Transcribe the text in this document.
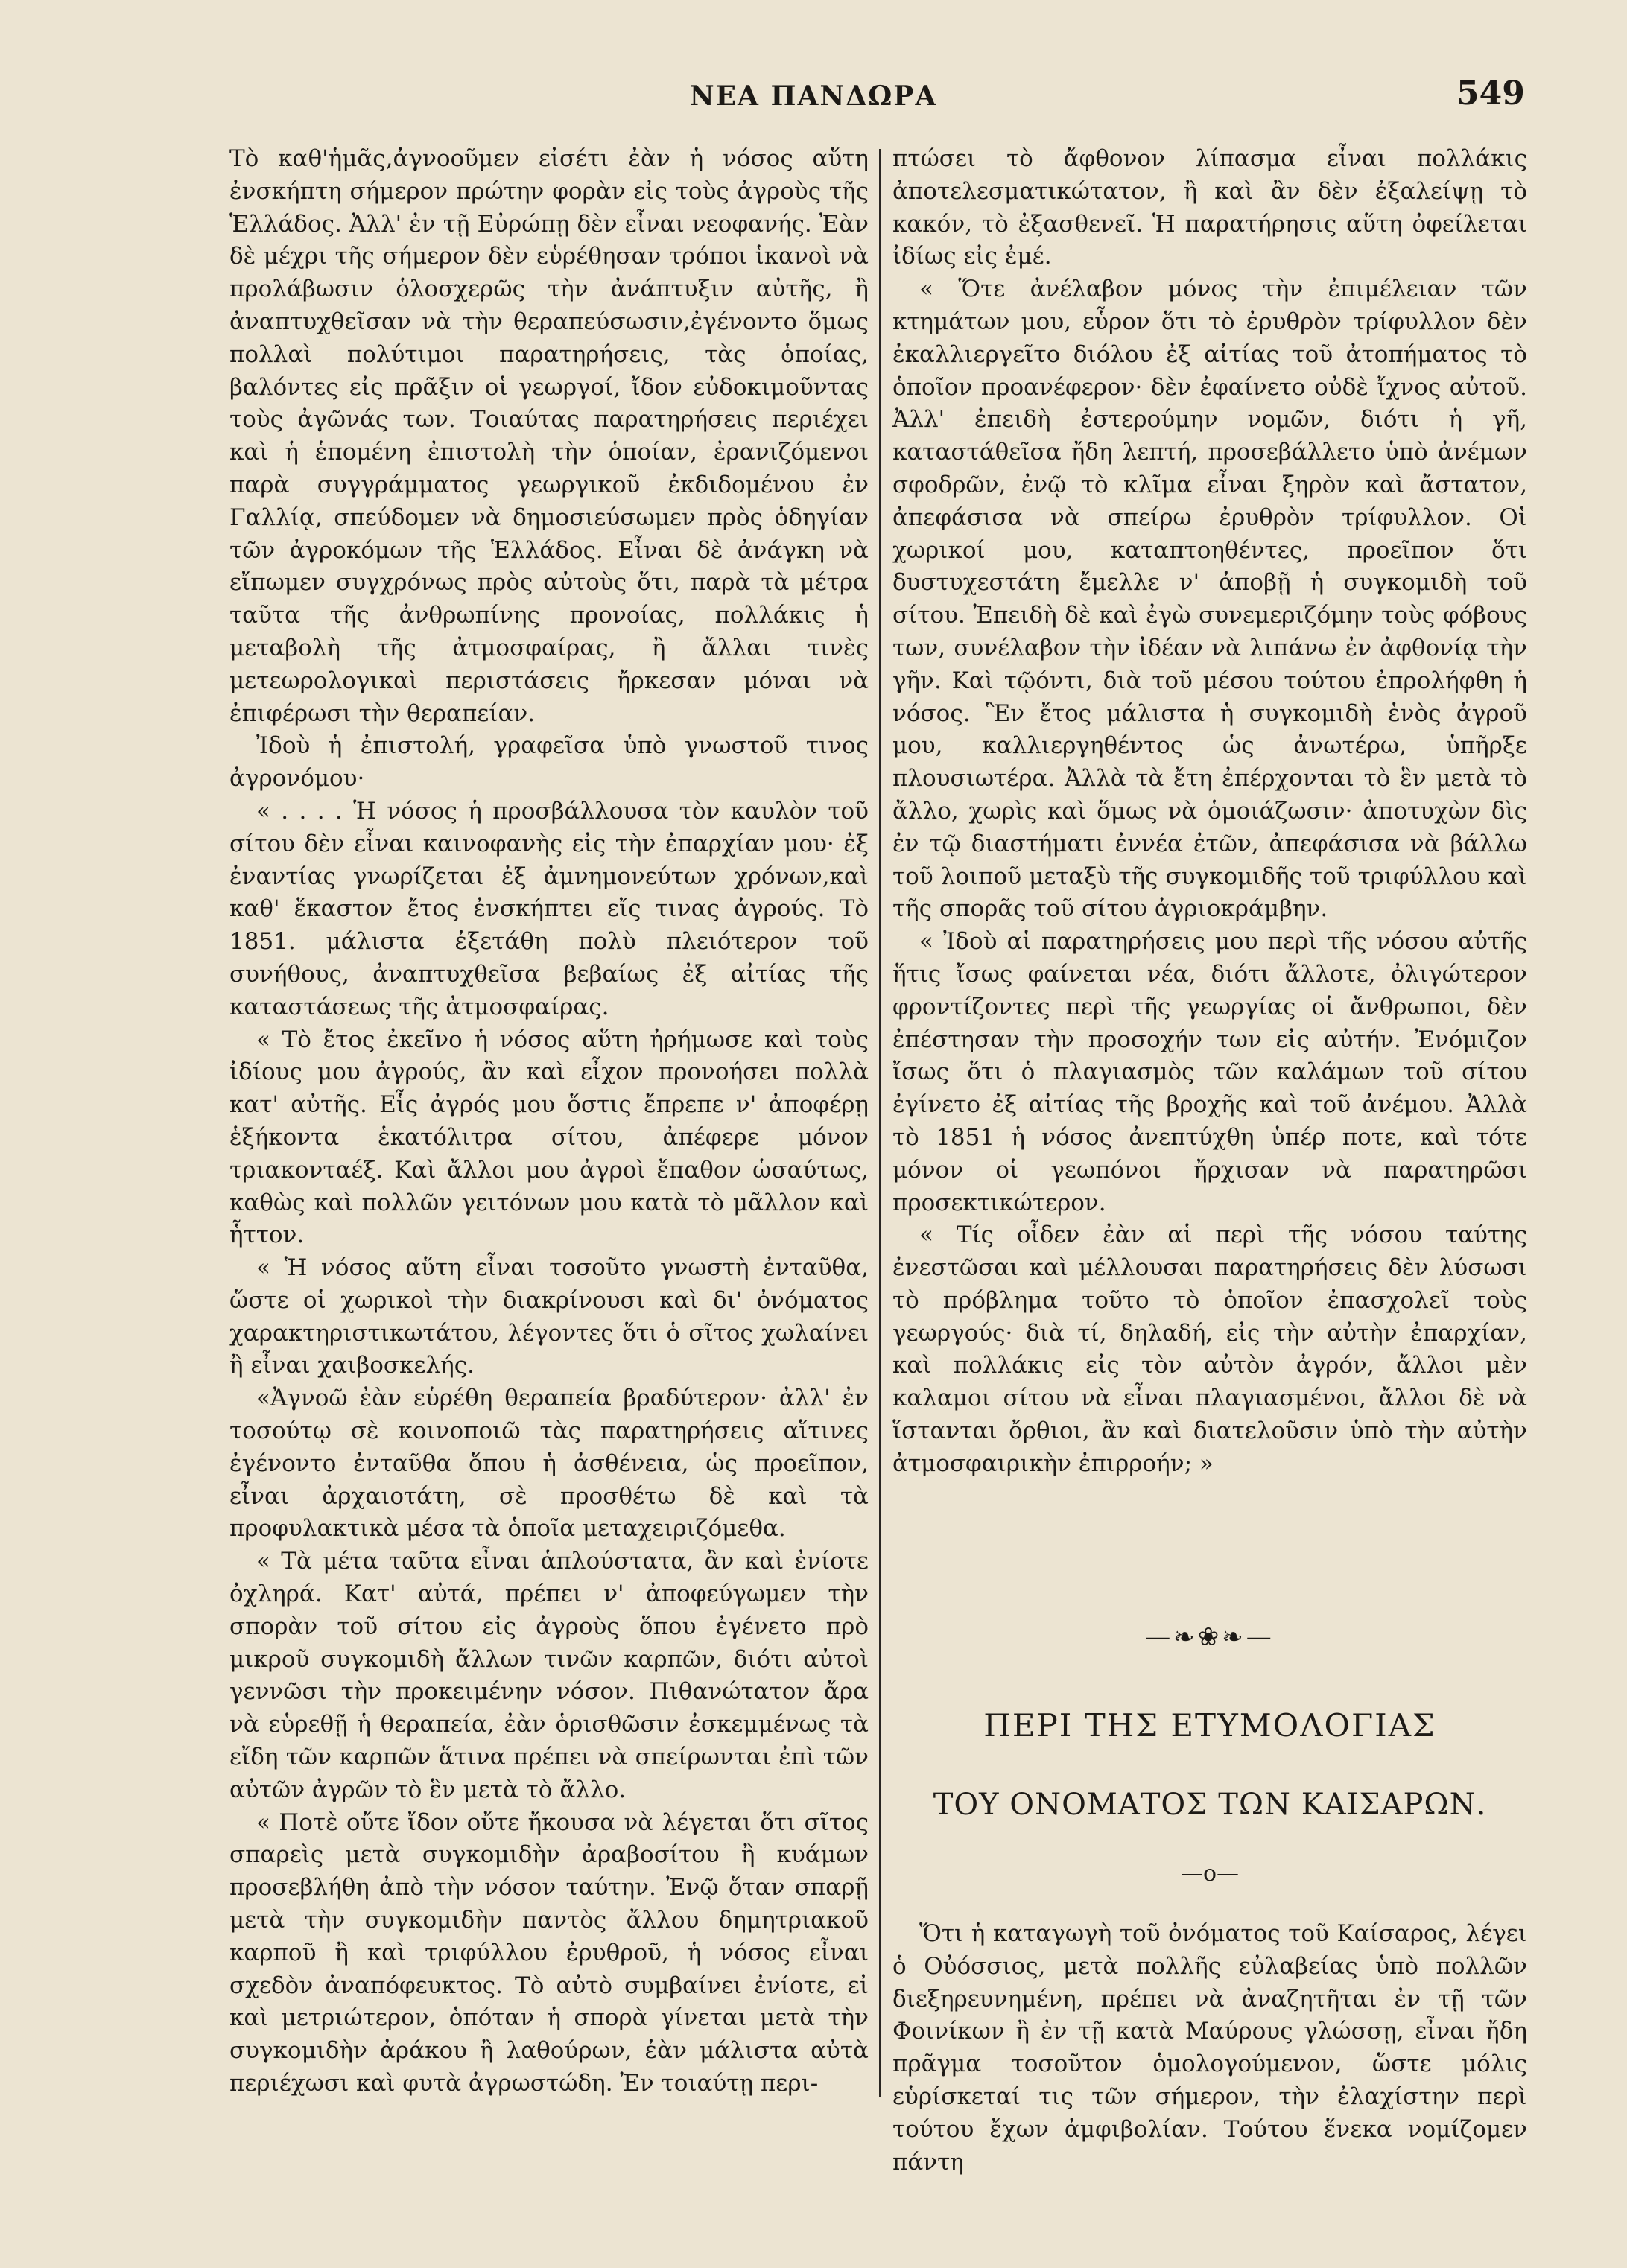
ΝΕΑ ΠΑΝΔΩΡΑ	549

Τὸ καθ'ἡμᾶς,ἀγνοοῦμεν εἰσέτι ἐὰν ἡ νόσος αὕτη ἐνσκήπτη σήμερον πρώτην φορὰν εἰς τοὺς ἀγροὺς τῆς Ἑλλάδος. Ἀλλ' ἐν τῇ Εὐρώπῃ δὲν εἶναι νεοφανής. Ἐὰν δὲ μέχρι τῆς σήμερον δὲν εὑρέθησαν τρόποι ἱκανοὶ νὰ προλάβωσιν ὁλοσχερῶς τὴν ἀνάπτυξιν αὐτῆς, ἢ ἀναπτυχθεῖσαν νὰ τὴν θεραπεύσωσιν,ἐγένοντο ὅμως πολλαὶ πολύτιμοι παρατηρήσεις, τὰς ὁποίας, βαλόντες εἰς πρᾶξιν οἱ γεωργοί, ἴδον εὐδοκιμοῦντας τοὺς ἀγῶνάς των. Τοιαύτας παρατηρήσεις περιέχει καὶ ἡ ἑπομένη ἐπιστολὴ τὴν ὁποίαν, ἐρανιζόμενοι παρὰ συγγράμματος γεωργικοῦ ἐκδιδομένου ἐν Γαλλίᾳ, σπεύδομεν νὰ δημοσιεύσωμεν πρὸς ὁδηγίαν τῶν ἀγροκόμων τῆς Ἑλλάδος. Εἶναι δὲ ἀνάγκη νὰ εἴπωμεν συγχρόνως πρὸς αὐτοὺς ὅτι, παρὰ τὰ μέτρα ταῦτα τῆς ἀνθρωπίνης προνοίας, πολλάκις ἡ μεταβολὴ τῆς ἀτμοσφαίρας, ἢ ἄλλαι τινὲς μετεωρολογικαὶ περιστάσεις ἤρκεσαν μόναι νὰ ἐπιφέρωσι τὴν θεραπείαν.

Ἰδοὺ ἡ ἐπιστολή, γραφεῖσα ὑπὸ γνωστοῦ τινος ἀγρονόμου·

« . . . . Ἡ νόσος ἡ προσβάλλουσα τὸν καυλὸν τοῦ σίτου δὲν εἶναι καινοφανὴς εἰς τὴν ἐπαρχίαν μου· ἐξ ἐναντίας γνωρίζεται ἐξ ἀμνημονεύτων χρόνων,καὶ καθ' ἕκαστον ἔτος ἐνσκήπτει εἴς τινας ἀγρούς. Τὸ 1851. μάλιστα ἐξετάθη πολὺ πλειότερον τοῦ συνήθους, ἀναπτυχθεῖσα βεβαίως ἐξ αἰτίας τῆς καταστάσεως τῆς ἀτμοσφαίρας.

« Τὸ ἔτος ἐκεῖνο ἡ νόσος αὕτη ἠρήμωσε καὶ τοὺς ἰδίους μου ἀγρούς, ἂν καὶ εἶχον προνοήσει πολλὰ κατ' αὐτῆς. Εἷς ἀγρός μου ὅστις ἔπρεπε ν' ἀποφέρῃ ἑξήκοντα ἑκατόλιτρα σίτου, ἀπέφερε μόνον τριακονταέξ. Καὶ ἄλλοι μου ἀγροὶ ἔπαθον ὡσαύτως, καθὼς καὶ πολλῶν γειτόνων μου κατὰ τὸ μᾶλλον καὶ ἧττον.

« Ἡ νόσος αὕτη εἶναι τοσοῦτο γνωστὴ ἐνταῦθα, ὥστε οἱ χωρικοὶ τὴν διακρίνουσι καὶ δι' ὀνόματος χαρακτηριστικωτάτου, λέγοντες ὅτι ὁ σῖτος χωλαίνει ἢ εἶναι χαιβοσκελής.

«Ἀγνοῶ ἐὰν εὑρέθη θεραπεία βραδύτερον· ἀλλ' ἐν τοσούτῳ σὲ κοινοποιῶ τὰς παρατηρήσεις αἵτινες ἐγένοντο ἐνταῦθα ὅπου ἡ ἀσθένεια, ὡς προεῖπον, εἶναι ἀρχαιοτάτη, σὲ προσθέτω δὲ καὶ τὰ προφυλακτικὰ μέσα τὰ ὁποῖα μεταχειριζόμεθα.

« Τὰ μέτα ταῦτα εἶναι ἁπλούστατα, ἂν καὶ ἐνίοτε ὀχληρά. Κατ' αὐτά, πρέπει ν' ἀποφεύγωμεν τὴν σπορὰν τοῦ σίτου εἰς ἀγροὺς ὅπου ἐγένετο πρὸ μικροῦ συγκομιδὴ ἄλλων τινῶν καρπῶν, διότι αὐτοὶ γεννῶσι τὴν προκειμένην νόσον. Πιθανώτατον ἄρα νὰ εὑρεθῇ ἡ θεραπεία, ἐὰν ὁρισθῶσιν ἐσκεμμένως τὰ εἴδη τῶν καρπῶν ἅτινα πρέπει νὰ σπείρωνται ἐπὶ τῶν αὐτῶν ἀγρῶν τὸ ἓν μετὰ τὸ ἄλλο.

« Ποτὲ οὔτε ἴδον οὔτε ἤκουσα νὰ λέγεται ὅτι σῖτος σπαρεὶς μετὰ συγκομιδὴν ἀραβοσίτου ἢ κυάμων προσεβλήθη ἀπὸ τὴν νόσον ταύτην. Ἐνῷ ὅταν σπαρῇ μετὰ τὴν συγκομιδὴν παντὸς ἄλλου δημητριακοῦ καρποῦ ἢ καὶ τριφύλλου ἐρυθροῦ, ἡ νόσος εἶναι σχεδὸν ἀναπόφευκτος. Τὸ αὐτὸ συμβαίνει ἐνίοτε, εἰ καὶ μετριώτερον, ὁπόταν ἡ σπορὰ γίνεται μετὰ τὴν συγκομιδὴν ἀράκου ἢ λαθούρων, ἐὰν μάλιστα αὐτὰ περιέχωσι καὶ φυτὰ ἀγρωστώδη. Ἐν τοιαύτῃ περι-

πτώσει τὸ ἄφθονον λίπασμα εἶναι πολλάκις ἀποτελεσματικώτατον, ἢ καὶ ἂν δὲν ἐξαλείψῃ τὸ κακόν, τὸ ἐξασθενεῖ. Ἡ παρατήρησις αὕτη ὀφείλεται ἰδίως εἰς ἐμέ.

« Ὅτε ἀνέλαβον μόνος τὴν ἐπιμέλειαν τῶν κτημάτων μου, εὗρον ὅτι τὸ ἐρυθρὸν τρίφυλλον δὲν ἐκαλλιεργεῖτο διόλου ἐξ αἰτίας τοῦ ἀτοπήματος τὸ ὁποῖον προανέφερον· δὲν ἐφαίνετο οὐδὲ ἴχνος αὐτοῦ. Ἀλλ' ἐπειδὴ ἐστερούμην νομῶν, διότι ἡ γῆ, καταστάθεῖσα ἤδη λεπτή, προσεβάλλετο ὑπὸ ἀνέμων σφοδρῶν, ἐνῷ τὸ κλῖμα εἶναι ξηρὸν καὶ ἄστατον, ἀπεφάσισα νὰ σπείρω ἐρυθρὸν τρίφυλλον. Οἱ χωρικοί μου, καταπτοηθέντες, προεῖπον ὅτι δυστυχεστάτη ἔμελλε ν' ἀποβῇ ἡ συγκομιδὴ τοῦ σίτου. Ἐπειδὴ δὲ καὶ ἐγὼ συνεμεριζόμην τοὺς φόβους των, συνέλαβον τὴν ἰδέαν νὰ λιπάνω ἐν ἀφθονίᾳ τὴν γῆν. Καὶ τῷόντι, διὰ τοῦ μέσου τούτου ἐπρολήφθη ἡ νόσος. Ἓν ἔτος μάλιστα ἡ συγκομιδὴ ἑνὸς ἀγροῦ μου, καλλιεργηθέντος ὡς ἀνωτέρω, ὑπῆρξε πλουσιωτέρα. Ἀλλὰ τὰ ἔτη ἐπέρχονται τὸ ἓν μετὰ τὸ ἄλλο, χωρὶς καὶ ὅμως νὰ ὁμοιάζωσιν· ἀποτυχὼν δὶς ἐν τῷ διαστήματι ἐννέα ἐτῶν, ἀπεφάσισα νὰ βάλλω τοῦ λοιποῦ μεταξὺ τῆς συγκομιδῆς τοῦ τριφύλλου καὶ τῆς σπορᾶς τοῦ σίτου ἀγριοκράμβην.

« Ἰδοὺ αἱ παρατηρήσεις μου περὶ τῆς νόσου αὐτῆς ἥτις ἴσως φαίνεται νέα, διότι ἄλλοτε, ὀλιγώτερον φροντίζοντες περὶ τῆς γεωργίας οἱ ἄνθρωποι, δὲν ἐπέστησαν τὴν προσοχήν των εἰς αὐτήν. Ἐνόμιζον ἴσως ὅτι ὁ πλαγιασμὸς τῶν καλάμων τοῦ σίτου ἐγίνετο ἐξ αἰτίας τῆς βροχῆς καὶ τοῦ ἀνέμου. Ἀλλὰ τὸ 1851 ἡ νόσος ἀνεπτύχθη ὑπέρ ποτε, καὶ τότε μόνον οἱ γεωπόνοι ἤρχισαν νὰ παρατηρῶσι προσεκτικώτερον.

« Τίς οἶδεν ἐὰν αἱ περὶ τῆς νόσου ταύτης ἐνεστῶσαι καὶ μέλλουσαι παρατηρήσεις δὲν λύσωσι τὸ πρόβλημα τοῦτο τὸ ὁποῖον ἐπασχολεῖ τοὺς γεωργούς· διὰ τί, δηλαδή, εἰς τὴν αὐτὴν ἐπαρχίαν, καὶ πολλάκις εἰς τὸν αὐτὸν ἀγρόν, ἄλλοι μὲν καλαμοι σίτου νὰ εἶναι πλαγιασμένοι, ἄλλοι δὲ νὰ ἵστανται ὄρθιοι, ἂν καὶ διατελοῦσιν ὑπὸ τὴν αὐτὴν ἀτμοσφαιρικὴν ἐπιρροήν; »

—❧❀❧—
ΠΕΡΙ ΤΗΣ ΕΤΥΜΟΛΟΓΙΑΣ
ΤΟΥ ΟΝΟΜΑΤΟΣ ΤΩΝ ΚΑΙΣΑΡΩΝ.
—o—

Ὅτι ἡ καταγωγὴ τοῦ ὀνόματος τοῦ Καίσαρος, λέγει ὁ Οὐόσσιος, μετὰ πολλῆς εὐλαβείας ὑπὸ πολλῶν διεξηρευνημένη, πρέπει νὰ ἀναζητῆται ἐν τῇ τῶν Φοινίκων ἢ ἐν τῇ κατὰ Μαύρους γλώσσῃ, εἶναι ἤδη πρᾶγμα τοσοῦτον ὁμολογούμενον, ὥστε μόλις εὑρίσκεταί τις τῶν σήμερον, τὴν ἐλαχίστην περὶ τούτου ἔχων ἀμφιβολίαν. Τούτου ἕνεκα νομίζομεν πάντη
